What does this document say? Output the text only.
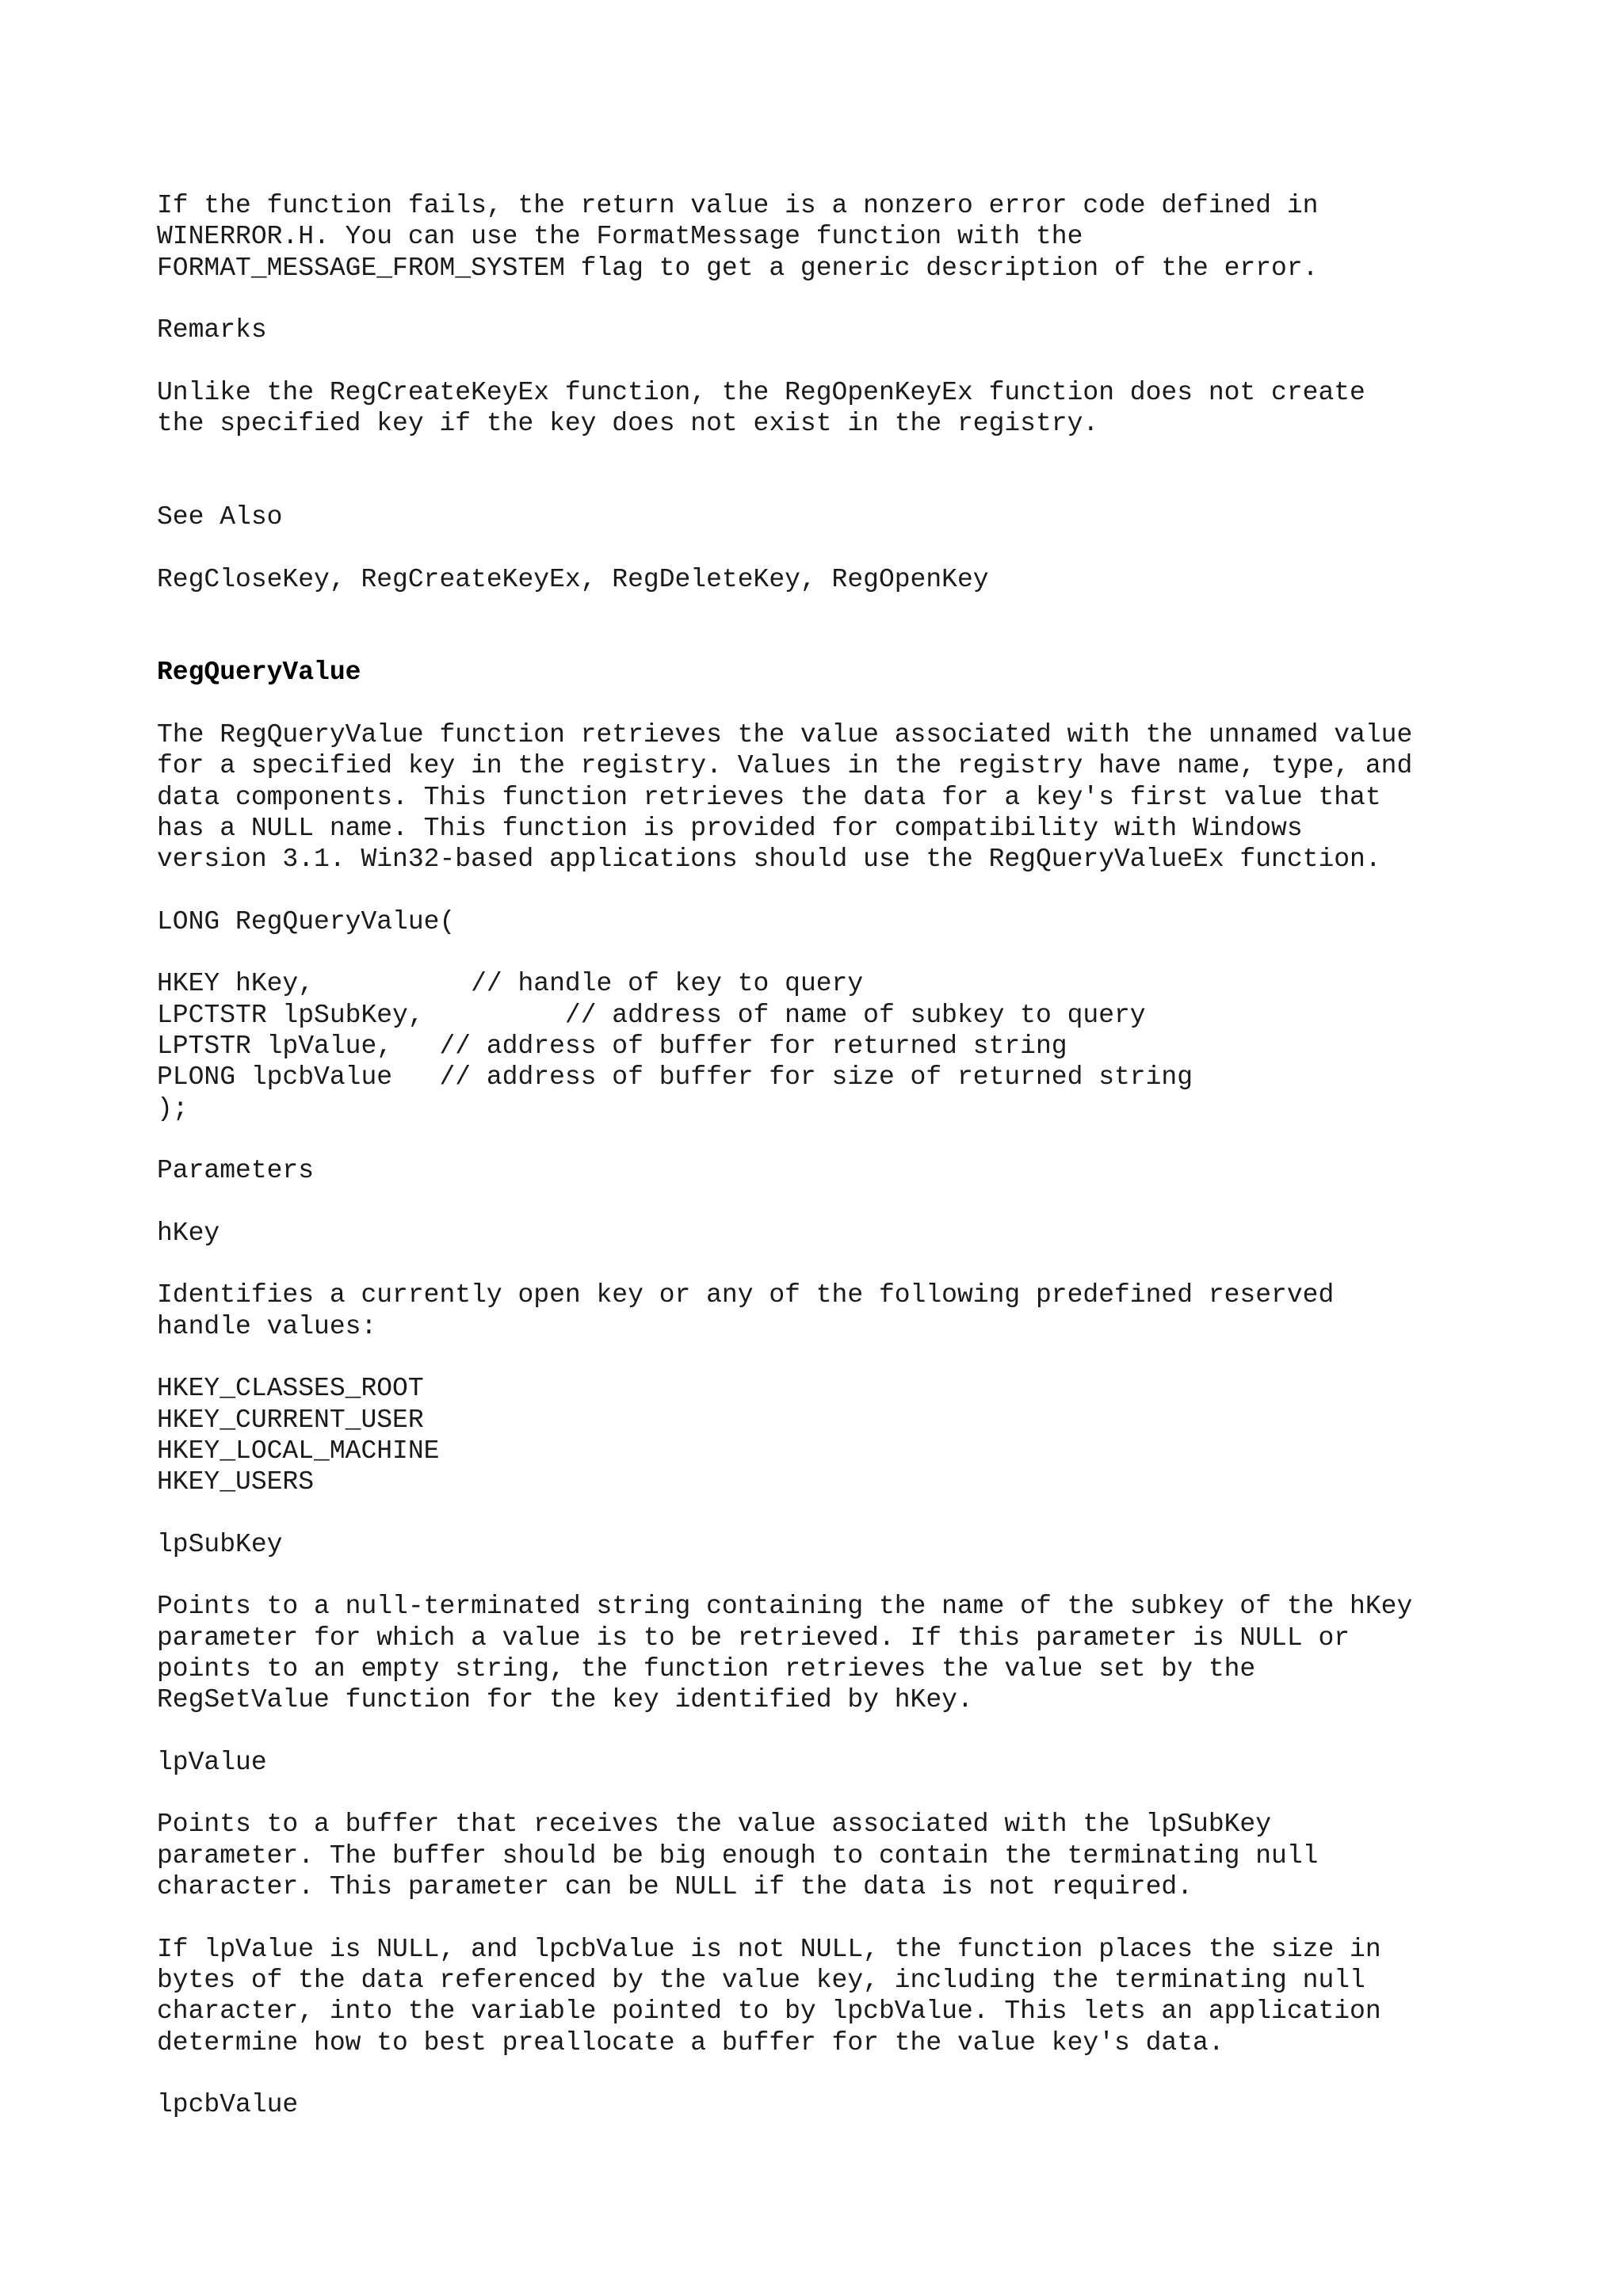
If the function fails, the return value is a nonzero error code defined in
WINERROR.H. You can use the FormatMessage function with the
FORMAT_MESSAGE_FROM_SYSTEM flag to get a generic description of the error.
Remarks
Unlike the RegCreateKeyEx function, the RegOpenKeyEx function does not create
the specified key if the key does not exist in the registry.
See Also
RegCloseKey, RegCreateKeyEx, RegDeleteKey, RegOpenKey
RegQueryValue
The RegQueryValue function retrieves the value associated with the unnamed value
for a specified key in the registry. Values in the registry have name, type, and
data components. This function retrieves the data for a key's first value that
has a NULL name. This function is provided for compatibility with Windows
version 3.1. Win32-based applications should use the RegQueryValueEx function.
LONG RegQueryValue(
HKEY hKey,	// handle of key to query
LPCTSTR lpSubKey,	// address of name of subkey to query
LPTSTR lpValue,	// address of buffer for returned string
PLONG lpcbValue   // address of buffer for size of returned string
);
Parameters
hKey
Identifies a currently open key or any of the following predefined reserved
handle values:
HKEY_CLASSES_ROOT
HKEY_CURRENT_USER
HKEY_LOCAL_MACHINE
HKEY_USERS
lpSubKey
Points to a null-terminated string containing the name of the subkey of the hKey
parameter for which a value is to be retrieved. If this parameter is NULL or
points to an empty string, the function retrieves the value set by the
RegSetValue function for the key identified by hKey.
lpValue
Points to a buffer that receives the value associated with the lpSubKey
parameter. The buffer should be big enough to contain the terminating null
character. This parameter can be NULL if the data is not required.
If lpValue is NULL, and lpcbValue is not NULL, the function places the size in
bytes of the data referenced by the value key, including the terminating null
character, into the variable pointed to by lpcbValue. This lets an application
determine how to best preallocate a buffer for the value key's data.
lpcbValue
